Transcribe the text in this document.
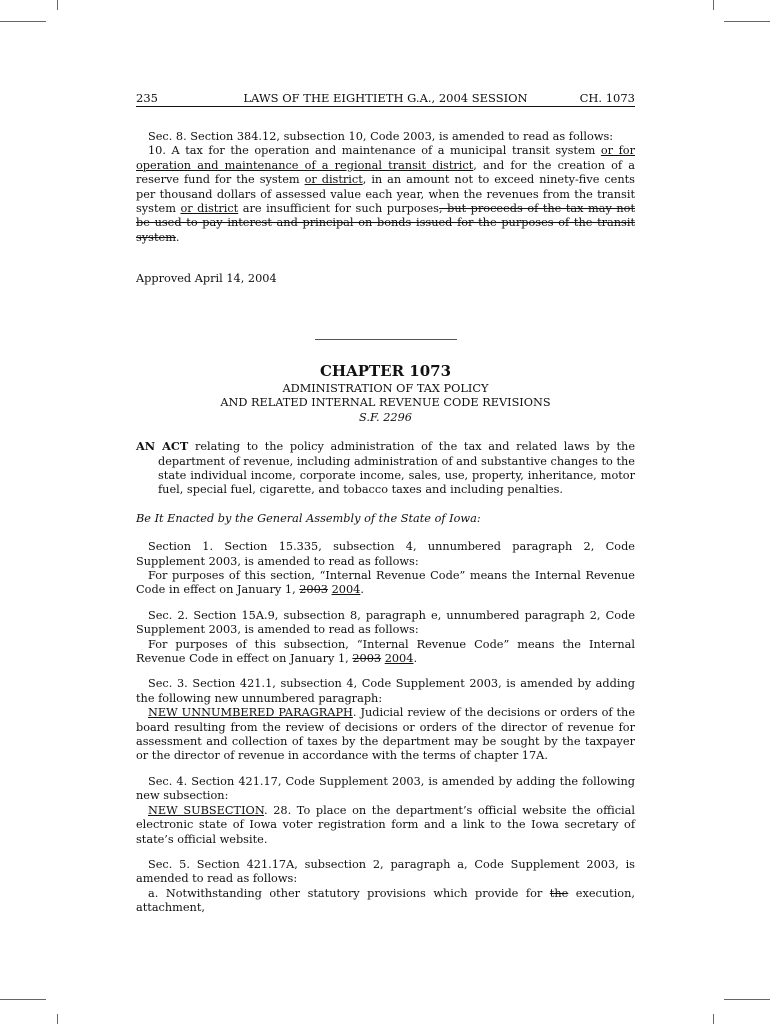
235	LAWS OF THE EIGHTIETH G.A., 2004 SESSION	CH. 1073

Sec. 8. Section 384.12, subsection 10, Code 2003, is amended to read as follows:

10. A tax for the operation and maintenance of a municipal transit system or for operation and maintenance of a regional transit district, and for the creation of a reserve fund for the system or district, in an amount not to exceed ninety-five cents per thousand dollars of assessed value each year, when the revenues from the transit system or district are insufficient for such purposes, but proceeds of the tax may not be used to pay interest and principal on bonds issued for the purposes of the transit system.

Approved April 14, 2004
CHAPTER 1073
ADMINISTRATION OF TAX POLICY
AND RELATED INTERNAL REVENUE CODE REVISIONS
S.F. 2296
AN ACT relating to the policy administration of the tax and related laws by the department of revenue, including administration of and substantive changes to the state individual income, corporate income, sales, use, property, inheritance, motor fuel, special fuel, cigarette, and tobacco taxes and including penalties.
Be It Enacted by the General Assembly of the State of Iowa:

Section 1. Section 15.335, subsection 4, unnumbered paragraph 2, Code Supplement 2003, is amended to read as follows:

For purposes of this section, “Internal Revenue Code” means the Internal Revenue Code in effect on January 1, 2003 2004.

Sec. 2. Section 15A.9, subsection 8, paragraph e, unnumbered paragraph 2, Code Supplement 2003, is amended to read as follows:

For purposes of this subsection, “Internal Revenue Code” means the Internal Revenue Code in effect on January 1, 2003 2004.

Sec. 3. Section 421.1, subsection 4, Code Supplement 2003, is amended by adding the following new unnumbered paragraph:

NEW UNNUMBERED PARAGRAPH. Judicial review of the decisions or orders of the board resulting from the review of decisions or orders of the director of revenue for assessment and collection of taxes by the department may be sought by the taxpayer or the director of revenue in accordance with the terms of chapter 17A.

Sec. 4. Section 421.17, Code Supplement 2003, is amended by adding the following new subsection:

NEW SUBSECTION. 28. To place on the department’s official website the official electronic state of Iowa voter registration form and a link to the Iowa secretary of state’s official website.

Sec. 5. Section 421.17A, subsection 2, paragraph a, Code Supplement 2003, is amended to read as follows:

a. Notwithstanding other statutory provisions which provide for the execution, attachment,
